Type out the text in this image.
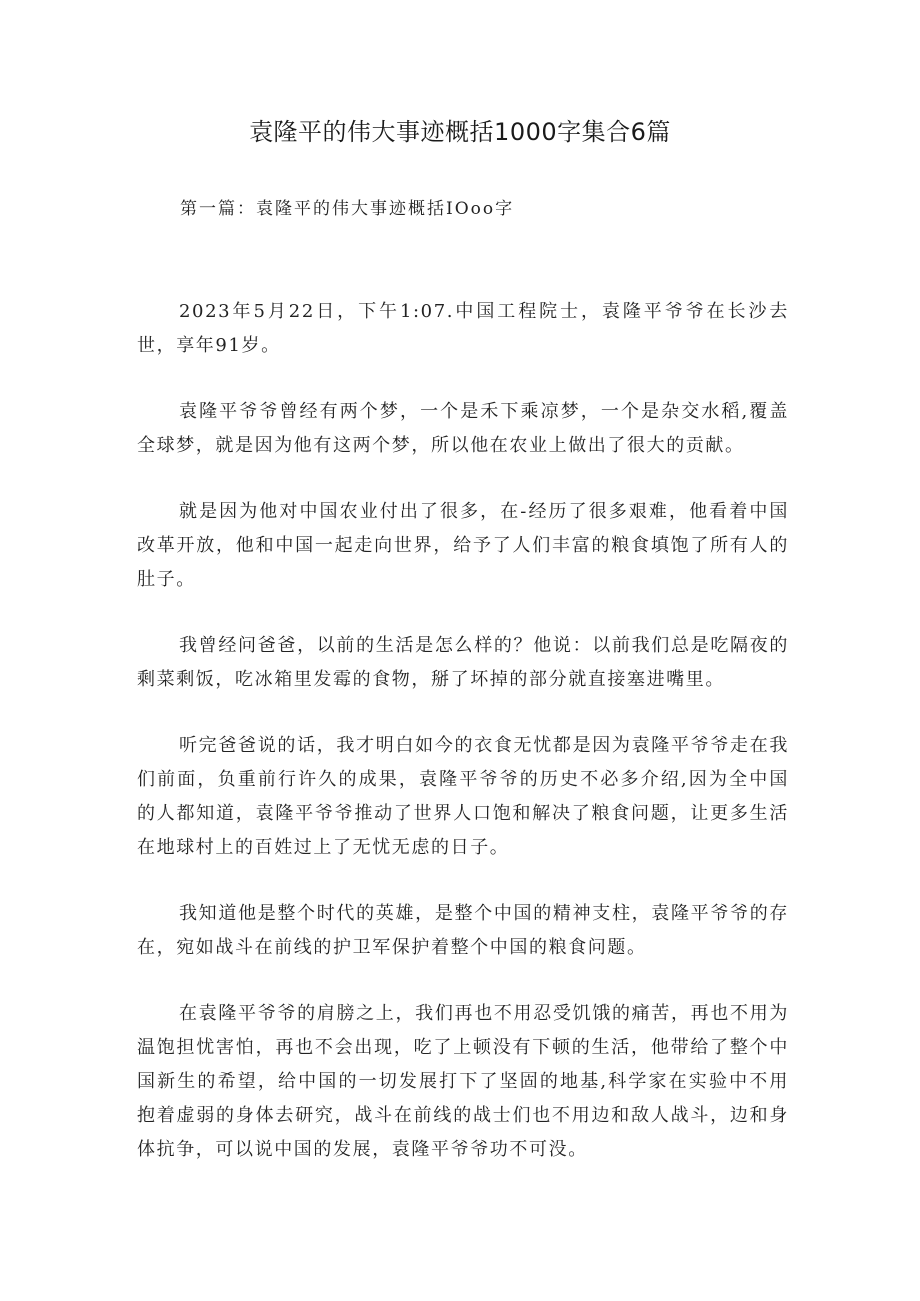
袁隆平的伟大事迹概括1000字集合6篇
第一篇：袁隆平的伟大事迹概括IOoo字

2023年5月22日，下午1:07.中国工程院士，袁隆平爷爷在长沙去世，享年91岁。

袁隆平爷爷曾经有两个梦，一个是禾下乘凉梦，一个是杂交水稻,覆盖全球梦，就是因为他有这两个梦，所以他在农业上做出了很大的贡献。

就是因为他对中国农业付出了很多，在-经历了很多艰难，他看着中国改革开放，他和中国一起走向世界，给予了人们丰富的粮食填饱了所有人的肚子。

我曾经问爸爸，以前的生活是怎么样的？他说：以前我们总是吃隔夜的剩菜剩饭，吃冰箱里发霉的食物，掰了坏掉的部分就直接塞进嘴里。

听完爸爸说的话，我才明白如今的衣食无忧都是因为袁隆平爷爷走在我们前面，负重前行许久的成果，袁隆平爷爷的历史不必多介绍,因为全中国的人都知道，袁隆平爷爷推动了世界人口饱和解决了粮食问题，让更多生活在地球村上的百姓过上了无忧无虑的日子。

我知道他是整个时代的英雄，是整个中国的精神支柱，袁隆平爷爷的存在，宛如战斗在前线的护卫军保护着整个中国的粮食问题。

在袁隆平爷爷的肩膀之上，我们再也不用忍受饥饿的痛苦，再也不用为温饱担忧害怕，再也不会出现，吃了上顿没有下顿的生活，他带给了整个中国新生的希望，给中国的一切发展打下了坚固的地基,科学家在实验中不用抱着虚弱的身体去研究，战斗在前线的战士们也不用边和敌人战斗，边和身体抗争，可以说中国的发展，袁隆平爷爷功不可没。
